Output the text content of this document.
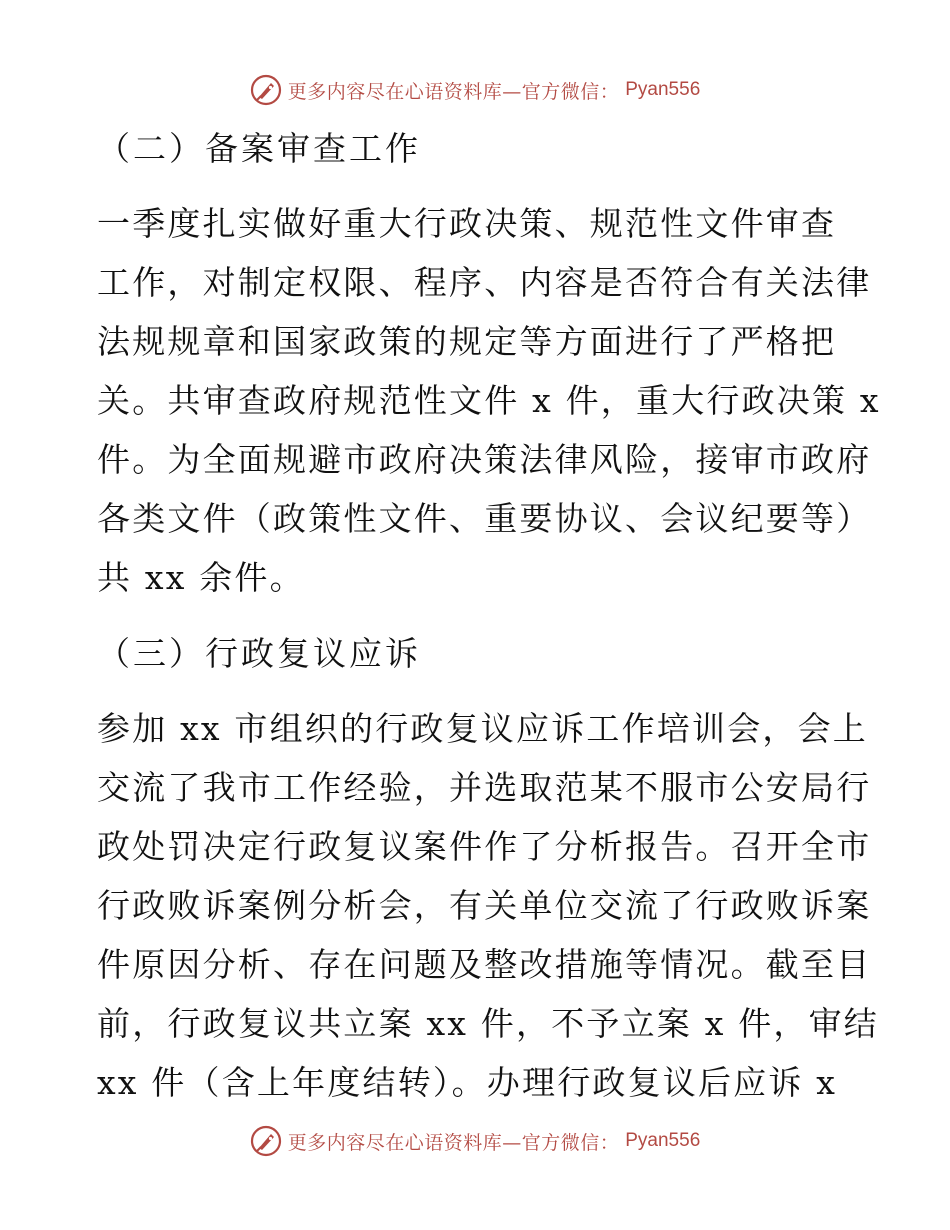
更多内容尽在心语资料库—官方微信： Pyan556
（二）备案审查工作
一季度扎实做好重大行政决策、规范性文件审查
工作，对制定权限、程序、内容是否符合有关法律
法规规章和国家政策的规定等方面进行了严格把
关。共审查政府规范性文件 x 件，重大行政决策 x
件。为全面规避市政府决策法律风险，接审市政府
各类文件（政策性文件、重要协议、会议纪要等）
共 xx 余件。
（三）行政复议应诉
参加 xx 市组织的行政复议应诉工作培训会，会上
交流了我市工作经验，并选取范某不服市公安局行
政处罚决定行政复议案件作了分析报告。召开全市
行政败诉案例分析会，有关单位交流了行政败诉案
件原因分析、存在问题及整改措施等情况。截至目
前，行政复议共立案 xx 件，不予立案 x 件，审结
xx 件（含上年度结转）。办理行政复议后应诉 x
更多内容尽在心语资料库—官方微信： Pyan556
